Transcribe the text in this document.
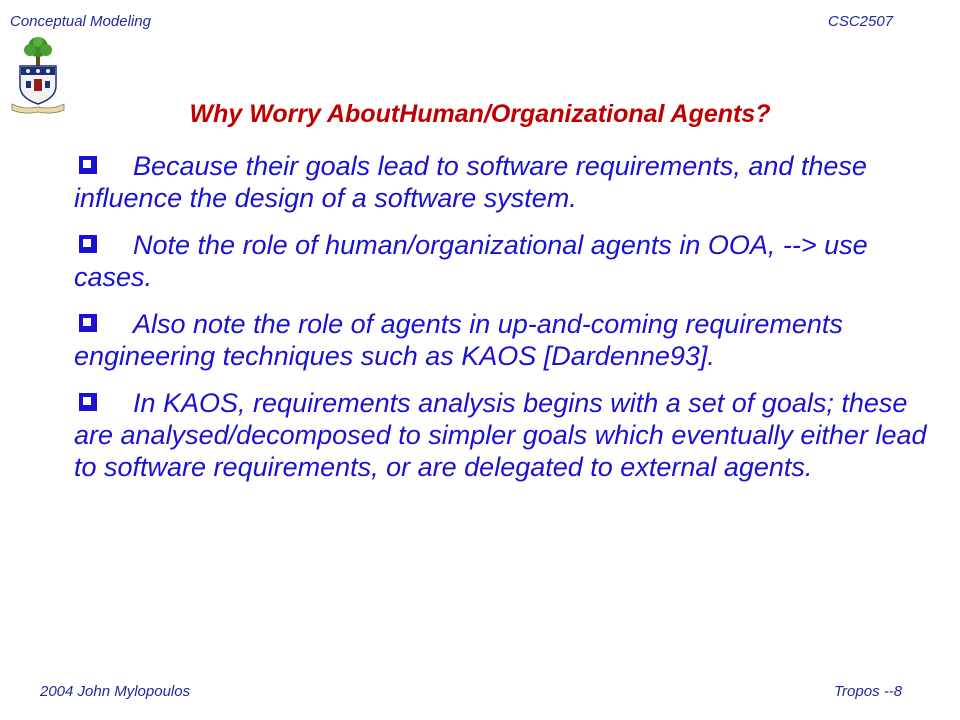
Conceptual Modeling	CSC2507
Why Worry AboutHuman/Organizational Agents?
Because their goals lead to software requirements, and these influence the design of a software system.
Note the role of human/organizational agents in OOA, --> use cases.
Also note the role of agents in up-and-coming requirements engineering techniques such as KAOS [Dardenne93].
In KAOS, requirements analysis begins with a set of goals; these are analysed/decomposed to simpler goals which eventually either lead to software requirements, or are delegated to external agents.
2004 John Mylopoulos	Tropos --8
